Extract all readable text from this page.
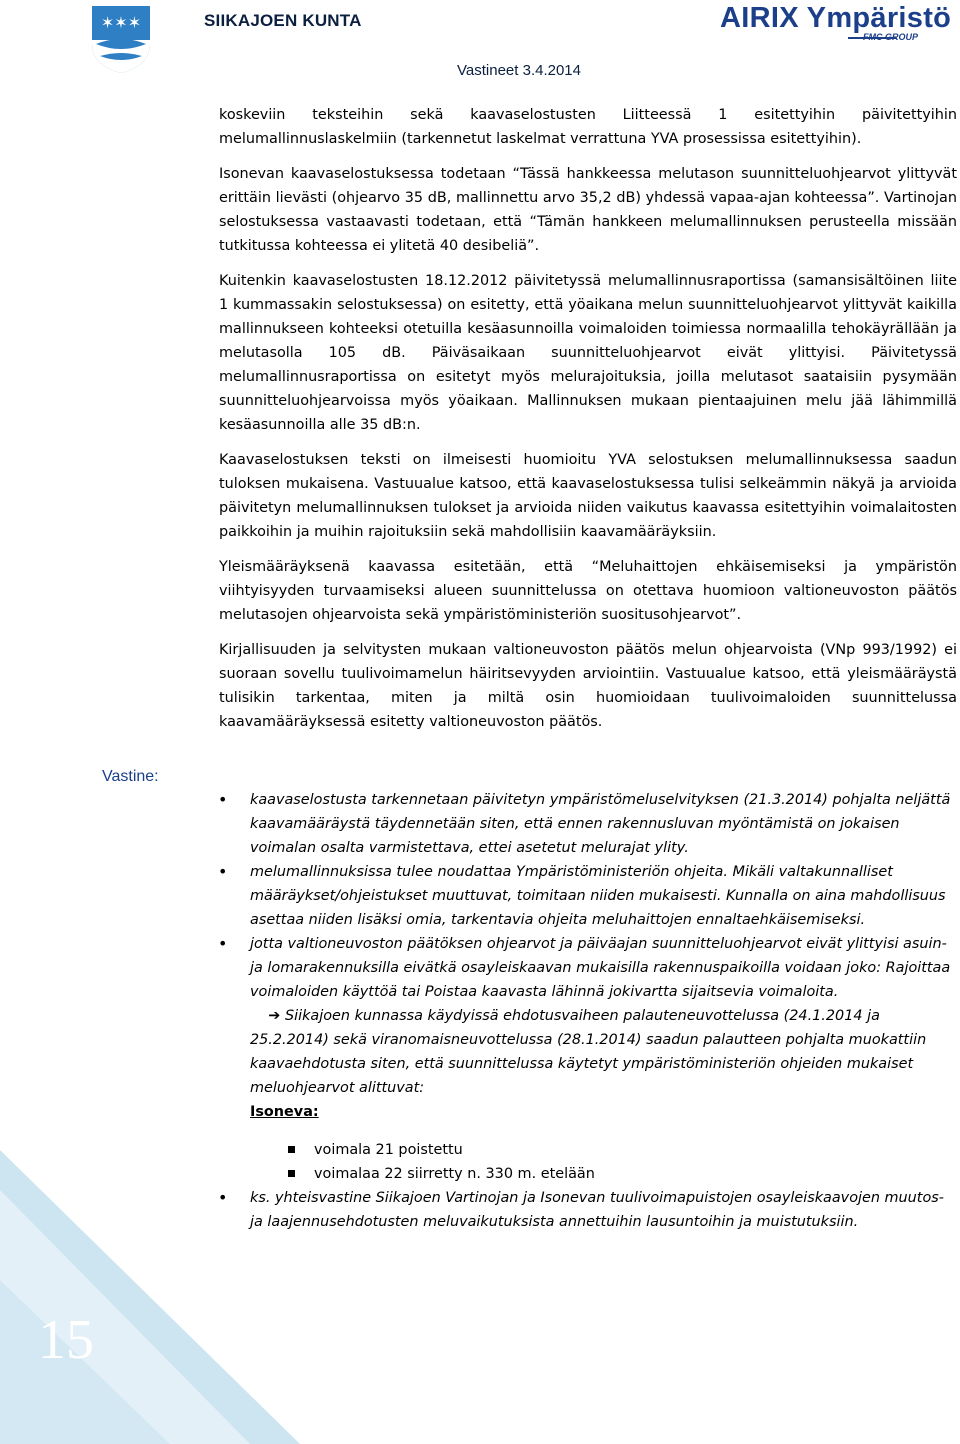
15
✶✶✶	SIIKAJOEN KUNTA	AIRIX Ympäristö
FMC GROUP
Vastineet 3.4.2014

koskeviin teksteihin sekä kaavaselostusten Liitteessä 1 esitettyihin päivitettyihin melumallinnuslaskelmiin (tarkennetut laskelmat verrattuna YVA prosessissa esitettyihin).

Isonevan kaavaselostuksessa todetaan “Tässä hankkeessa melutason suunnitteluohjearvot ylittyvät erittäin lievästi (ohjearvo 35 dB, mallinnettu arvo 35,2 dB) yhdessä vapaa-ajan kohteessa”. Vartinojan selostuksessa vastaavasti todetaan, että “Tämän hankkeen melumallinnuksen perusteella missään tutkitussa kohteessa ei ylitetä 40 desibeliä”.

Kuitenkin kaavaselostusten 18.12.2012 päivitetyssä melumallinnusraportissa (samansisältöinen liite 1 kummassakin selostuksessa) on esitetty, että yöaikana melun suunnitteluohjearvot ylittyvät kaikilla mallinnukseen kohteeksi otetuilla kesäasunnoilla voimaloiden toimiessa normaalilla tehokäyrällään ja melutasolla 105 dB. Päiväsaikaan suunnitteluohjearvot eivät ylittyisi. Päivitetyssä melumallinnusraportissa on esitetyt myös melurajoituksia, joilla melutasot saataisiin pysymään suunnitteluohjearvoissa myös yöaikaan. Mallinnuksen mukaan pientaajuinen melu jää lähimmillä kesäasunnoilla alle 35 dB:n.

Kaavaselostuksen teksti on ilmeisesti huomioitu YVA selostuksen melumallinnuksessa saadun tuloksen mukaisena. Vastuualue katsoo, että kaavaselostuksessa tulisi selkeämmin näkyä ja arvioida päivitetyn melumallinnuksen tulokset ja arvioida niiden vaikutus kaavassa esitettyihin voimalaitosten paikkoihin ja muihin rajoituksiin sekä mahdollisiin kaavamääräyksiin.

Yleismääräyksenä kaavassa esitetään, että “Meluhaittojen ehkäisemiseksi ja ympäristön viihtyisyyden turvaamiseksi alueen suunnittelussa on otettava huomioon valtioneuvoston päätös melutasojen ohjearvoista sekä ympäristöministeriön suositusohjearvot”.

Kirjallisuuden ja selvitysten mukaan valtioneuvoston päätös melun ohjearvoista (VNp 993/1992) ei suoraan sovellu tuulivoimamelun häiritsevyyden arviointiin. Vastuualue katsoo, että yleismääräystä tulisikin tarkentaa, miten ja miltä osin huomioidaan tuulivoimaloiden suunnittelussa kaavamääräyksessä esitetty valtioneuvoston päätös.

Vastine:
• kaavaselostusta tarkennetaan päivitetyn ympäristömeluselvityksen (21.3.2014) pohjalta neljättä kaavamääräystä täydennetään siten, että ennen rakennusluvan myöntämistä on jokaisen voimalan osalta varmistettava, ettei asetetut melurajat ylity.
• melumallinnuksissa tulee noudattaa Ympäristöministeriön ohjeita. Mikäli valtakunnalliset määräykset/ohjeistukset muuttuvat, toimitaan niiden mukaisesti. Kunnalla on aina mahdollisuus asettaa niiden lisäksi omia, tarkentavia ohjeita meluhaittojen ennaltaehkäisemiseksi.
• jotta valtioneuvoston päätöksen ohjearvot ja päiväajan suunnitteluohjearvot eivät ylittyisi asuin- ja lomarakennuksilla eivätkä osayleiskaavan mukaisilla rakennuspaikoilla voidaan joko: Rajoittaa voimaloiden käyttöä tai Poistaa kaavasta lähinnä jokivartta sijaitsevia voimaloita.
➔ Siikajoen kunnassa käydyissä ehdotusvaiheen palauteneuvottelussa (24.1.2014 ja 25.2.2014) sekä viranomaisneuvottelussa (28.1.2014) saadun palautteen pohjalta muokattiin kaavaehdotusta siten, että suunnittelussa käytetyt ympäristöministeriön ohjeiden mukaiset meluohjearvot alittuvat:
Isoneva:
voimala 21 poistettu
voimalaa 22 siirretty n. 330 m. etelään
• ks. yhteisvastine Siikajoen Vartinojan ja Isonevan tuulivoimapuistojen osayleiskaavojen muutos- ja laajennusehdotusten meluvaikutuksista annettuihin lausuntoihin ja muistutuksiin.
